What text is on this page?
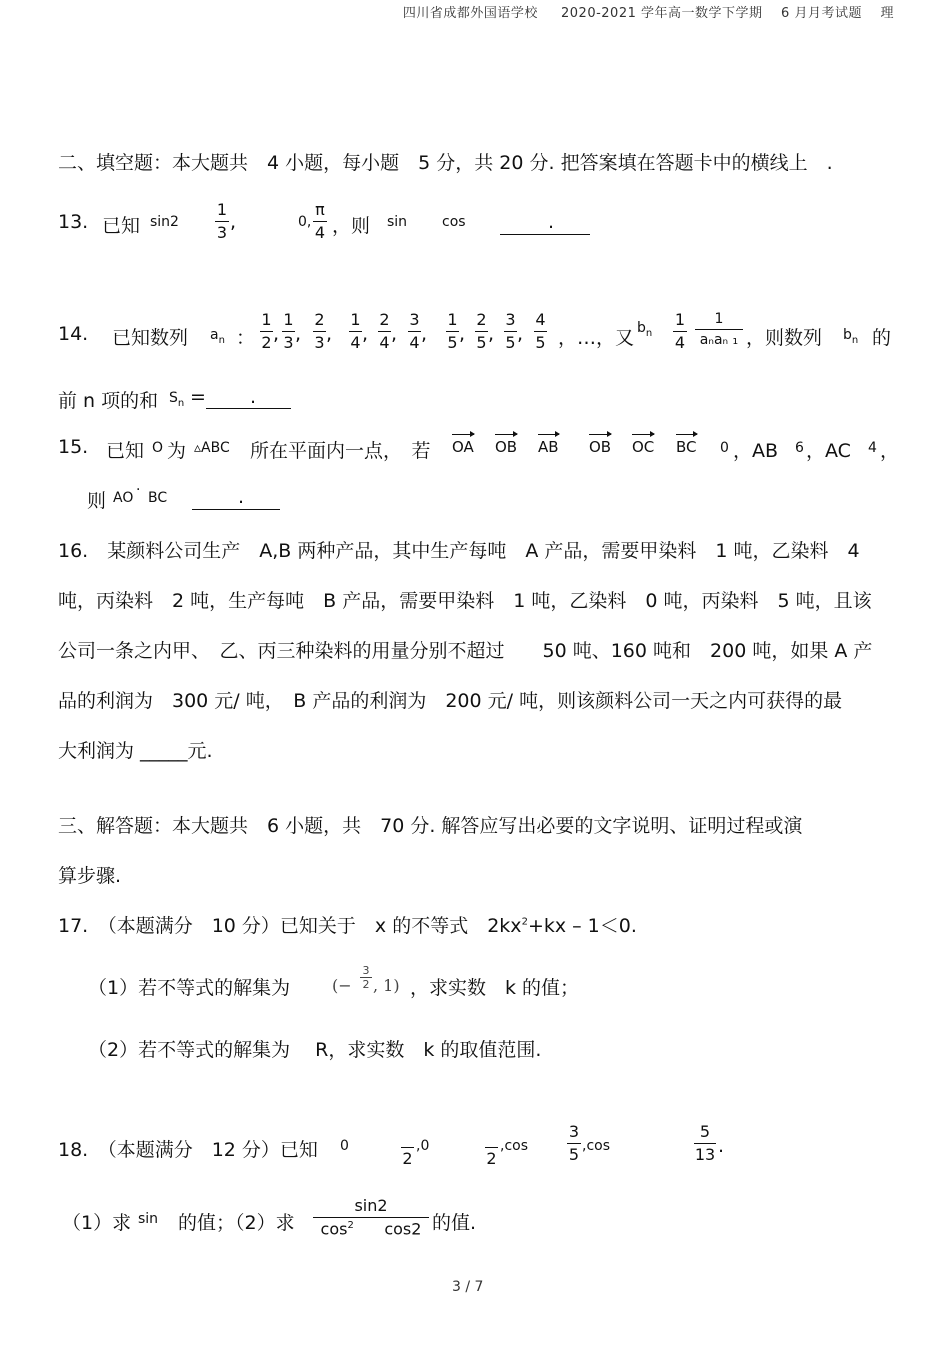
四川省成都外国语学校 2020-2021 学年高一数学下学期 6 月月考试题 理
二、填空题：本大题共　4 小题，每小题　5 分，共 20 分. 把答案填在答题卡中的横线上　.
13. 已知 sin2
1
3 ,	0,
π
4 ，则 sin cos	.
14. 已知数列 $a_n$ ：
1
2 ,
1
3 ,
2
3 ,
1
4 ,
2
4 ,
3
4 ,
1
5 ,
2
5 ,
3
5 ,
4
5 ，…，又 $b_n$
1
4
1
aₙaₙ ₁ ，则数列 $b_n$ 的
前 n 项的和 $S_n$ = .
15. 已知 O 为 ▵ABC 所在平面内一点，　若 OA OB AB OB OC BC 0 ，AB 6 ，AC 4 ，
则 AO · BC	.
16.　某颜料公司生产　A,B 两种产品，其中生产每吨　A 产品，需要甲染料　1 吨，乙染料　4
吨，丙染料　2 吨，生产每吨　B 产品，需要甲染料　1 吨，乙染料　0 吨，丙染料　5 吨，且该
公司一条之内甲、　乙、丙三种染料的用量分别不超过　　50 吨、160 吨和　200 吨，如果 A 产
品的利润为　300 元/ 吨，　B 产品的利润为　200 元/ 吨，则该颜料公司一天之内可获得的最
大利润为 _____元.
三、解答题：本大题共　6 小题，共　70 分. 解答应写出必要的文字说明、证明过程或演
算步骤.
17.　（本题满分　10 分）已知关于　x 的不等式　$2kx^2+kx - 1<0$.
（1）若不等式的解集为	(−
3
2 , 1) ，求实数　k 的值；
（2）若不等式的解集为　 R，求实数　k 的取值范围.
18.　（本题满分　12 分）已知 0
2
,0
2
,cos
3
5 ,cos
5
13 .
（1）求 sin 的值；（2）求
sin2
$\cos^2 \cos 2$ 的值.
3 / 7
